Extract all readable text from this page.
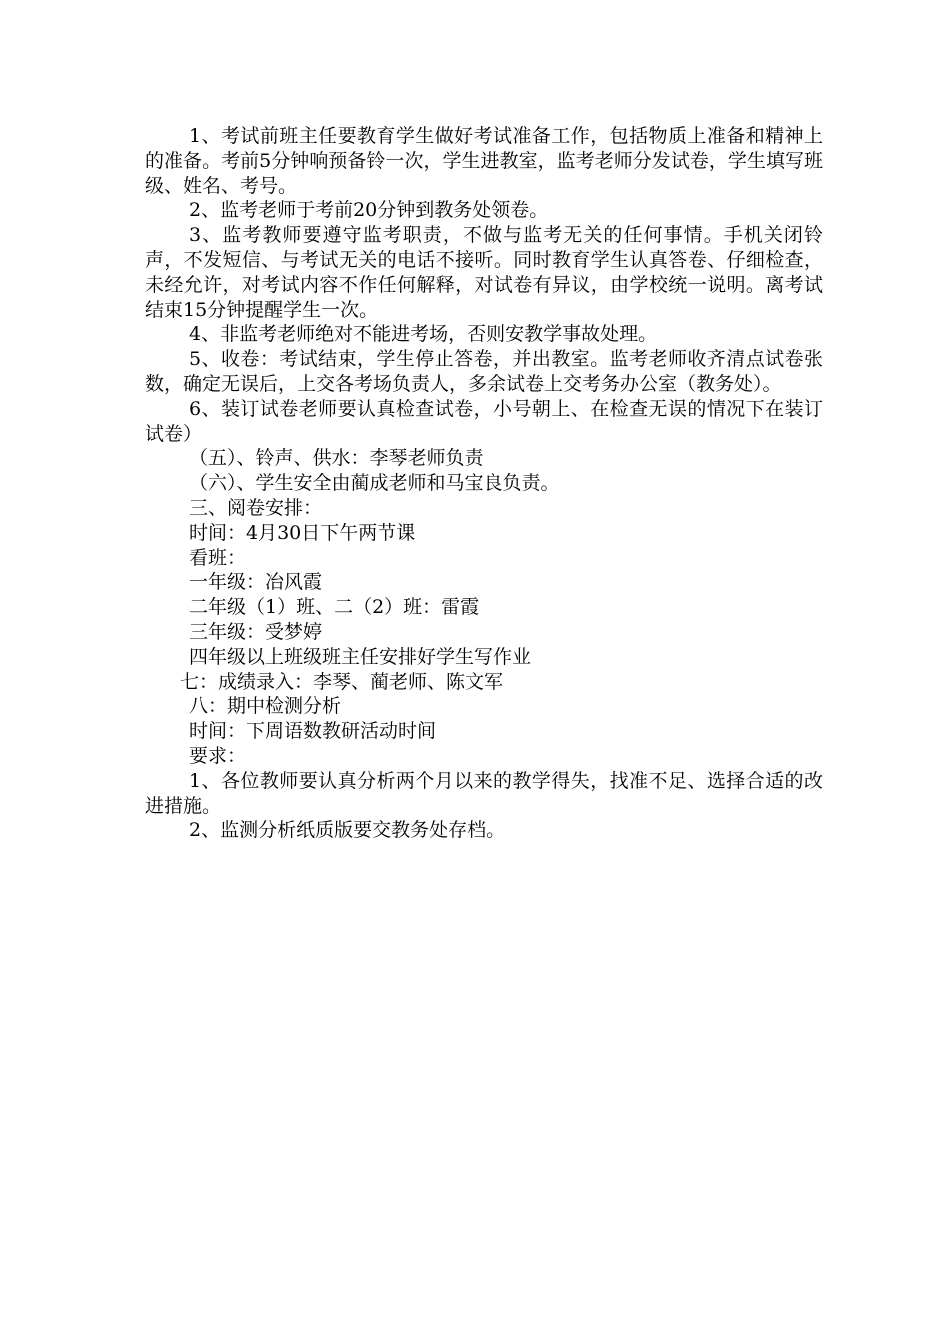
1、考试前班主任要教育学生做好考试准备工作，包括物质上准备和精神上的准备。考前5分钟响预备铃一次，学生进教室，监考老师分发试卷，学生填写班级、姓名、考号。

2、监考老师于考前20分钟到教务处领卷。

3、监考教师要遵守监考职责，不做与监考无关的任何事情。手机关闭铃声，不发短信、与考试无关的电话不接听。同时教育学生认真答卷、仔细检查，未经允许，对考试内容不作任何解释，对试卷有异议，由学校统一说明。离考试结束15分钟提醒学生一次。

4、非监考老师绝对不能进考场，否则安教学事故处理。

5、收卷：考试结束，学生停止答卷，并出教室。监考老师收齐清点试卷张数，确定无误后，上交各考场负责人，多余试卷上交考务办公室（教务处）。

6、装订试卷老师要认真检查试卷，小号朝上、在检查无误的情况下在装订试卷）

（五）、铃声、供水：李琴老师负责

（六）、学生安全由蔺成老师和马宝良负责。

三、阅卷安排：

时间：4月30日下午两节课

看班：

一年级：冶风霞

二年级（1）班、二（2）班：雷霞

三年级：受梦婷

四年级以上班级班主任安排好学生写作业

七：成绩录入：李琴、蔺老师、陈文军

八：期中检测分析

时间：下周语数教研活动时间

要求：

1、各位教师要认真分析两个月以来的教学得失，找准不足、选择合适的改进措施。

2、监测分析纸质版要交教务处存档。
